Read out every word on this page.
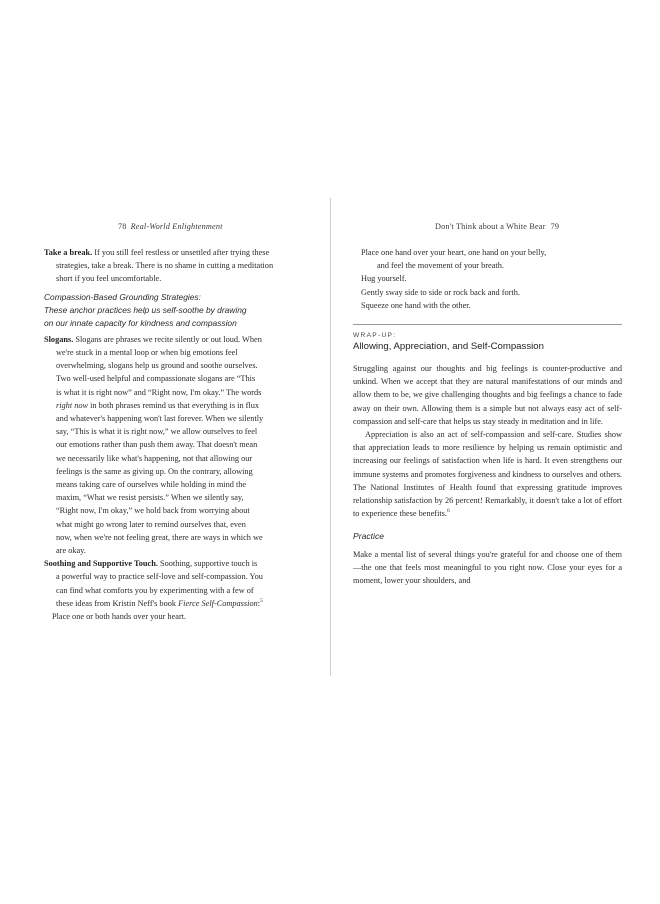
78 Real-World Enlightenment

Take a break. If you still feel restless or unsettled after trying these strategies, take a break. There is no shame in cutting a meditation short if you feel uncomfortable.

Compassion-Based Grounding Strategies:
These anchor practices help us self-soothe by drawing
on our innate capacity for kindness and compassion

Slogans. Slogans are phrases we recite silently or out loud. When
we're stuck in a mental loop or when big emotions feel
overwhelming, slogans help us ground and soothe ourselves.
Two well-used helpful and compassionate slogans are “This
is what it is right now” and “Right now, I'm okay.” The words
right now in both phrases remind us that everything is in flux
and whatever's happening won't last forever. When we silently
say, “This is what it is right now,” we allow ourselves to feel
our emotions rather than push them away. That doesn't mean
we necessarily like what's happening, not that allowing our
feelings is the same as giving up. On the contrary, allowing
means taking care of ourselves while holding in mind the
maxim, “What we resist persists.” When we silently say,
“Right now, I'm okay,” we hold back from worrying about
what might go wrong later to remind ourselves that, even
now, when we're not feeling great, there are ways in which we
are okay.

Soothing and Supportive Touch. Soothing, supportive touch is
a powerful way to practice self-love and self-compassion. You
can find what comforts you by experimenting with a few of
these ideas from Kristin Neff's book Fierce Self-Compassion:$^5$

Place one or both hands over your heart.

Don't Think about a White Bear 79

Place one hand over your heart, one hand on your belly,

and feel the movement of your breath.

Hug yourself.

Gently sway side to side or rock back and forth.

Squeeze one hand with the other.

WRAP-UP:
Allowing, Appreciation, and Self-Compassion

Struggling against our thoughts and big feelings is counter-productive and unkind. When we accept that they are natural manifestations of our minds and allow them to be, we give challenging thoughts and big feelings a chance to fade away on their own. Allowing them is a simple but not always easy act of self-compassion and self-care that helps us stay steady in meditation and in life.

Appreciation is also an act of self-compassion and self-care. Studies show that appreciation leads to more resilience by helping us remain optimistic and increasing our feelings of satisfaction when life is hard. It even strengthens our immune systems and promotes forgiveness and kindness to ourselves and others. The National Institutes of Health found that expressing gratitude improves relationship satisfaction by 26 percent! Remarkably, it doesn't take a lot of effort to experience these benefits.$^6$

Practice

Make a mental list of several things you're grateful for and choose one of them—the one that feels most meaningful to you right now. Close your eyes for a moment, lower your shoulders, and
